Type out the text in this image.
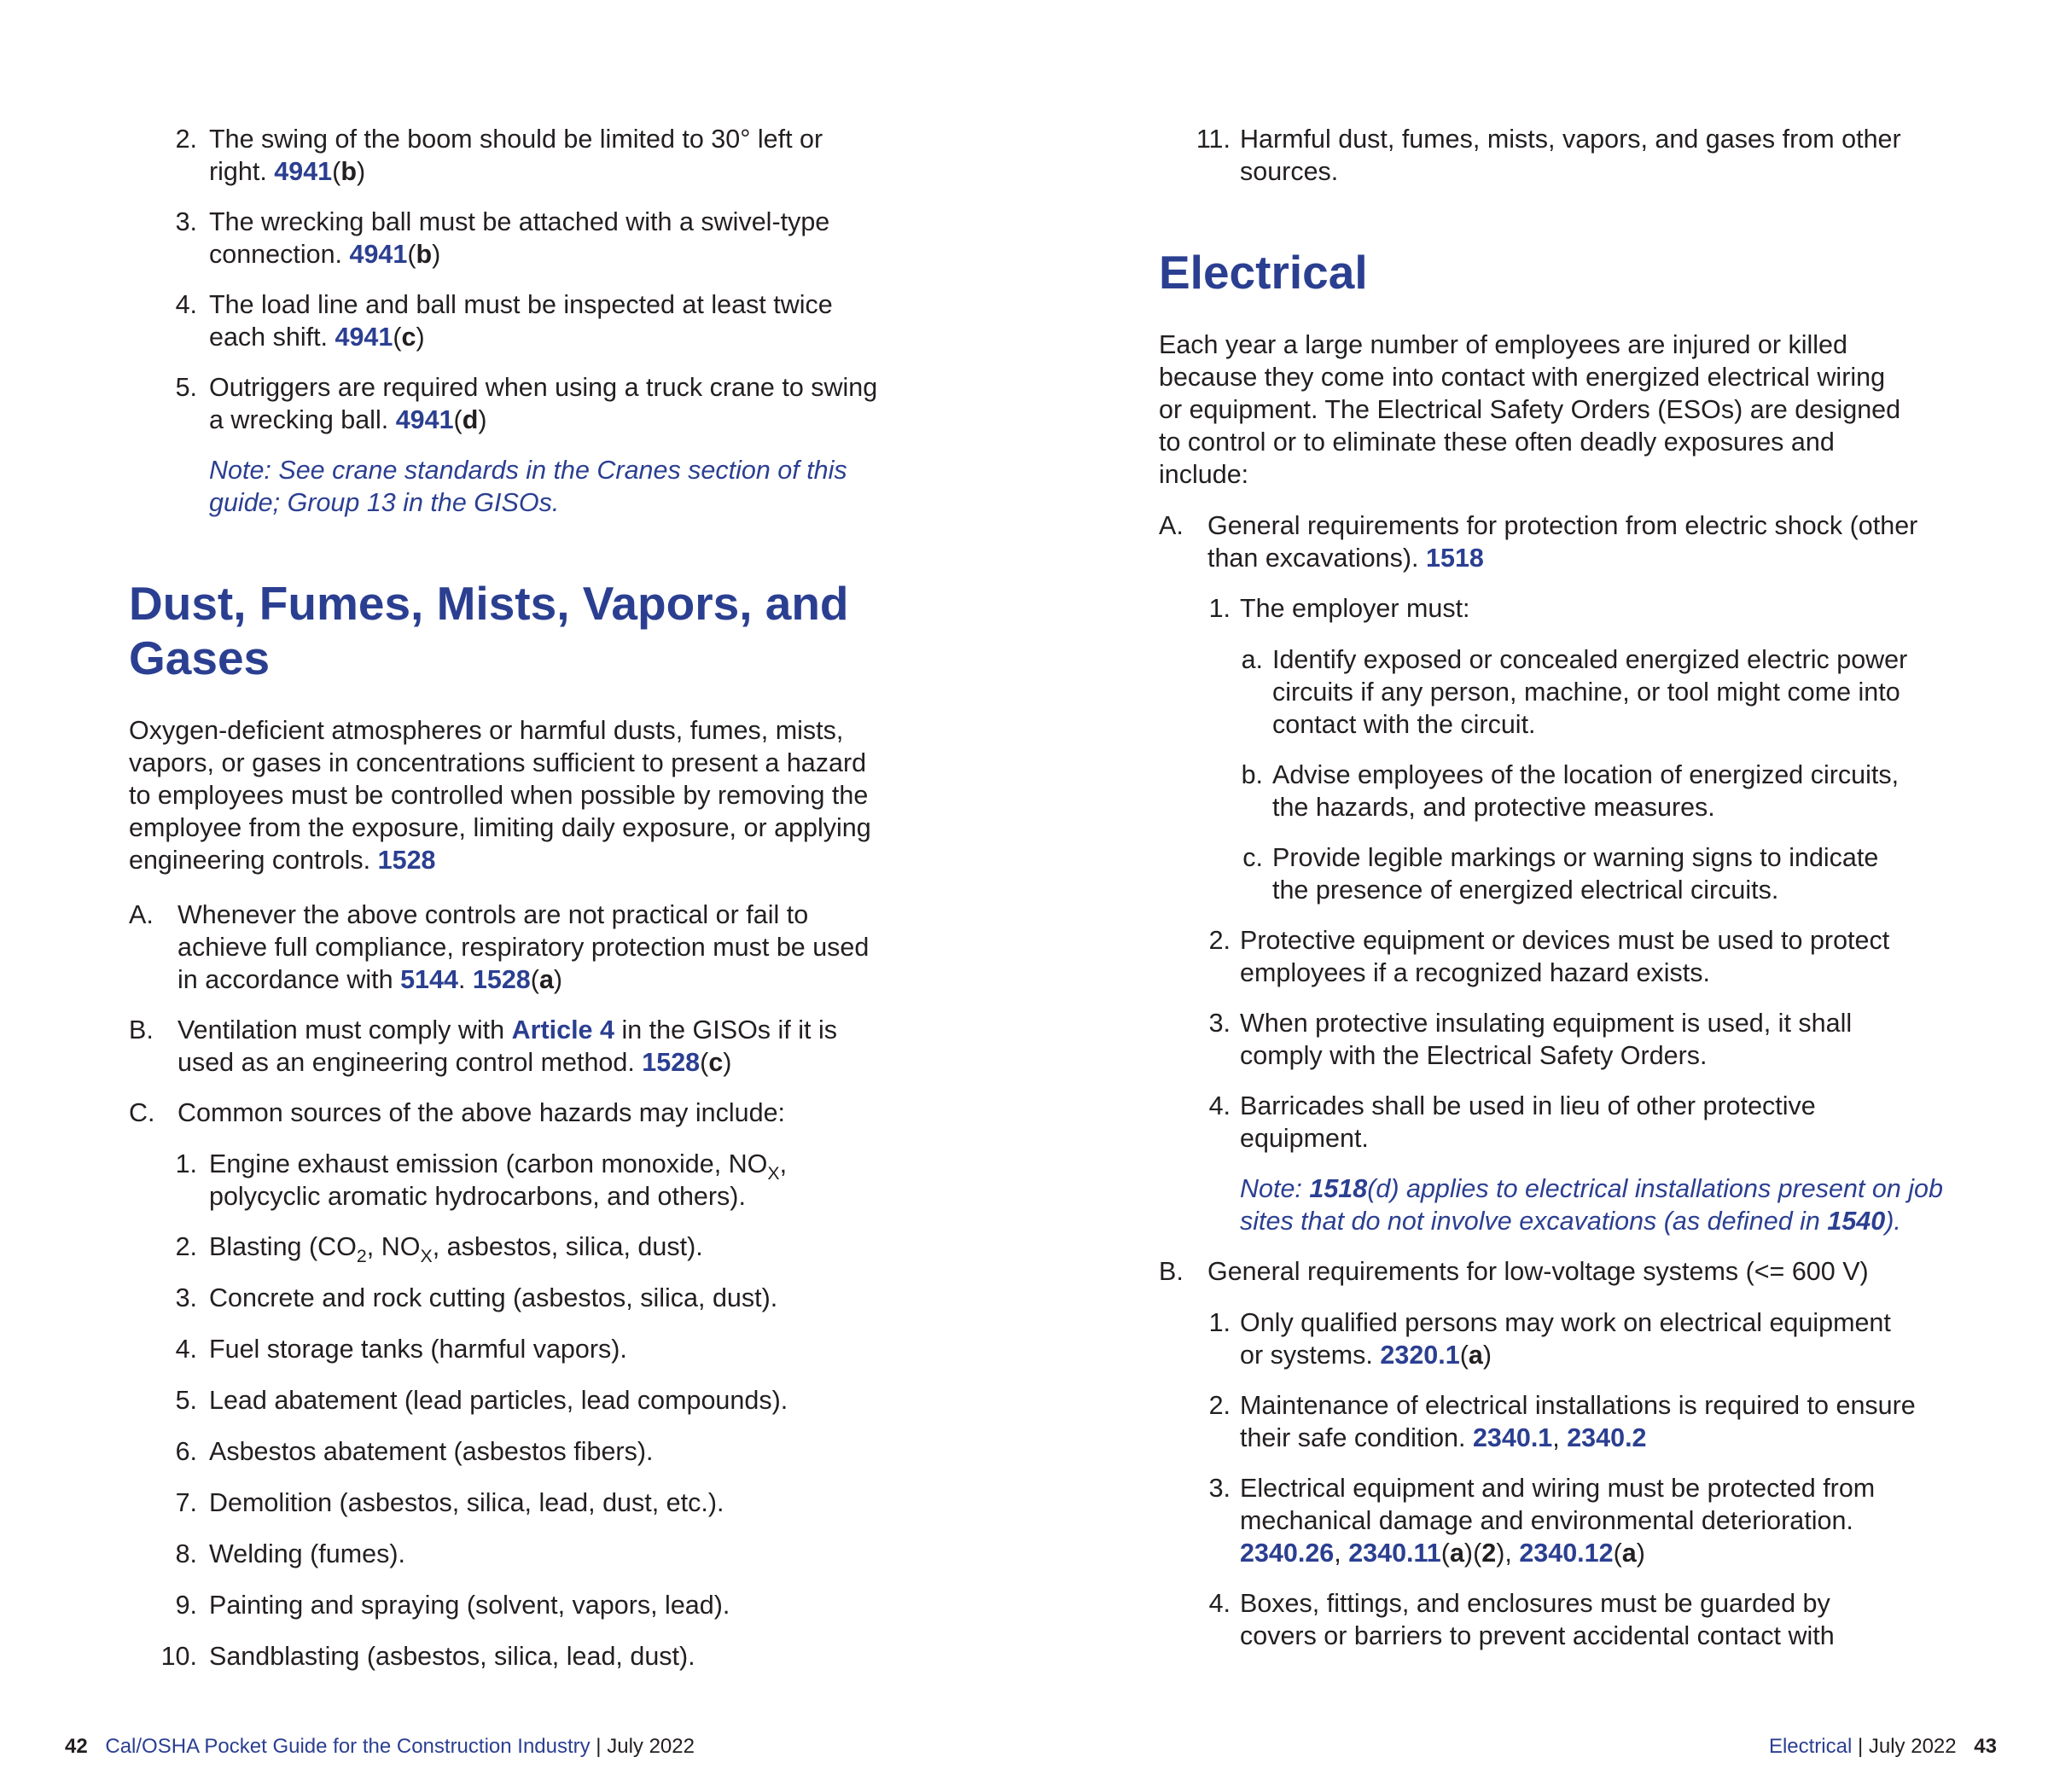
2. The swing of the boom should be limited to 30° left or
right. 4941(b)
3. The wrecking ball must be attached with a swivel-type
connection. 4941(b)
4. The load line and ball must be inspected at least twice
each shift. 4941(c)
5. Outriggers are required when using a truck crane to swing
a wrecking ball. 4941(d)

Note: See crane standards in the Cranes section of this

guide; Group 13 in the GISOs.

Dust, Fumes, Mists, Vapors, and

Gases

Oxygen-deficient atmospheres or harmful dusts, fumes, mists,

vapors, or gases in concentrations sufficient to present a hazard

to employees must be controlled when possible by removing the

employee from the exposure, limiting daily exposure, or applying

engineering controls. 1528

A. Whenever the above controls are not practical or fail to
achieve full compliance, respiratory protection must be used
in accordance with 5144. 1528(a)
B. Ventilation must comply with Article 4 in the GISOs if it is
used as an engineering control method. 1528(c)
C. Common sources of the above hazards may include:
1. Engine exhaust emission (carbon monoxide, $NO_X$,
polycyclic aromatic hydrocarbons, and others).
2. Blasting ($CO_2$, $NO_X$, asbestos, silica, dust).
3. Concrete and rock cutting (asbestos, silica, dust).
4. Fuel storage tanks (harmful vapors).
5. Lead abatement (lead particles, lead compounds).
6. Asbestos abatement (asbestos fibers).
7. Demolition (asbestos, silica, lead, dust, etc.).
8. Welding (fumes).
9. Painting and spraying (solvent, vapors, lead).
10. Sandblasting (asbestos, silica, lead, dust).
42 Cal/OSHA Pocket Guide for the Construction Industry | July 2022
11. Harmful dust, fumes, mists, vapors, and gases from other
sources.

Electrical

Each year a large number of employees are injured or killed

because they come into contact with energized electrical wiring

or equipment. The Electrical Safety Orders (ESOs) are designed

to control or to eliminate these often deadly exposures and

include:

A. General requirements for protection from electric shock (other
than excavations). 1518
1. The employer must:
a. Identify exposed or concealed energized electric power
circuits if any person, machine, or tool might come into
contact with the circuit.
b. Advise employees of the location of energized circuits,
the hazards, and protective measures.
c. Provide legible markings or warning signs to indicate
the presence of energized electrical circuits.
2. Protective equipment or devices must be used to protect
employees if a recognized hazard exists.
3. When protective insulating equipment is used, it shall
comply with the Electrical Safety Orders.
4. Barricades shall be used in lieu of other protective
equipment.

Note: 1518(d) applies to electrical installations present on job

sites that do not involve excavations (as defined in 1540).

B. General requirements for low-voltage systems (<= 600 V)
1. Only qualified persons may work on electrical equipment
or systems. 2320.1(a)
2. Maintenance of electrical installations is required to ensure
their safe condition. 2340.1, 2340.2
3. Electrical equipment and wiring must be protected from
mechanical damage and environmental deterioration.
2340.26, 2340.11(a)(2), 2340.12(a)
4. Boxes, fittings, and enclosures must be guarded by
covers or barriers to prevent accidental contact with
Electrical | July 2022 43
